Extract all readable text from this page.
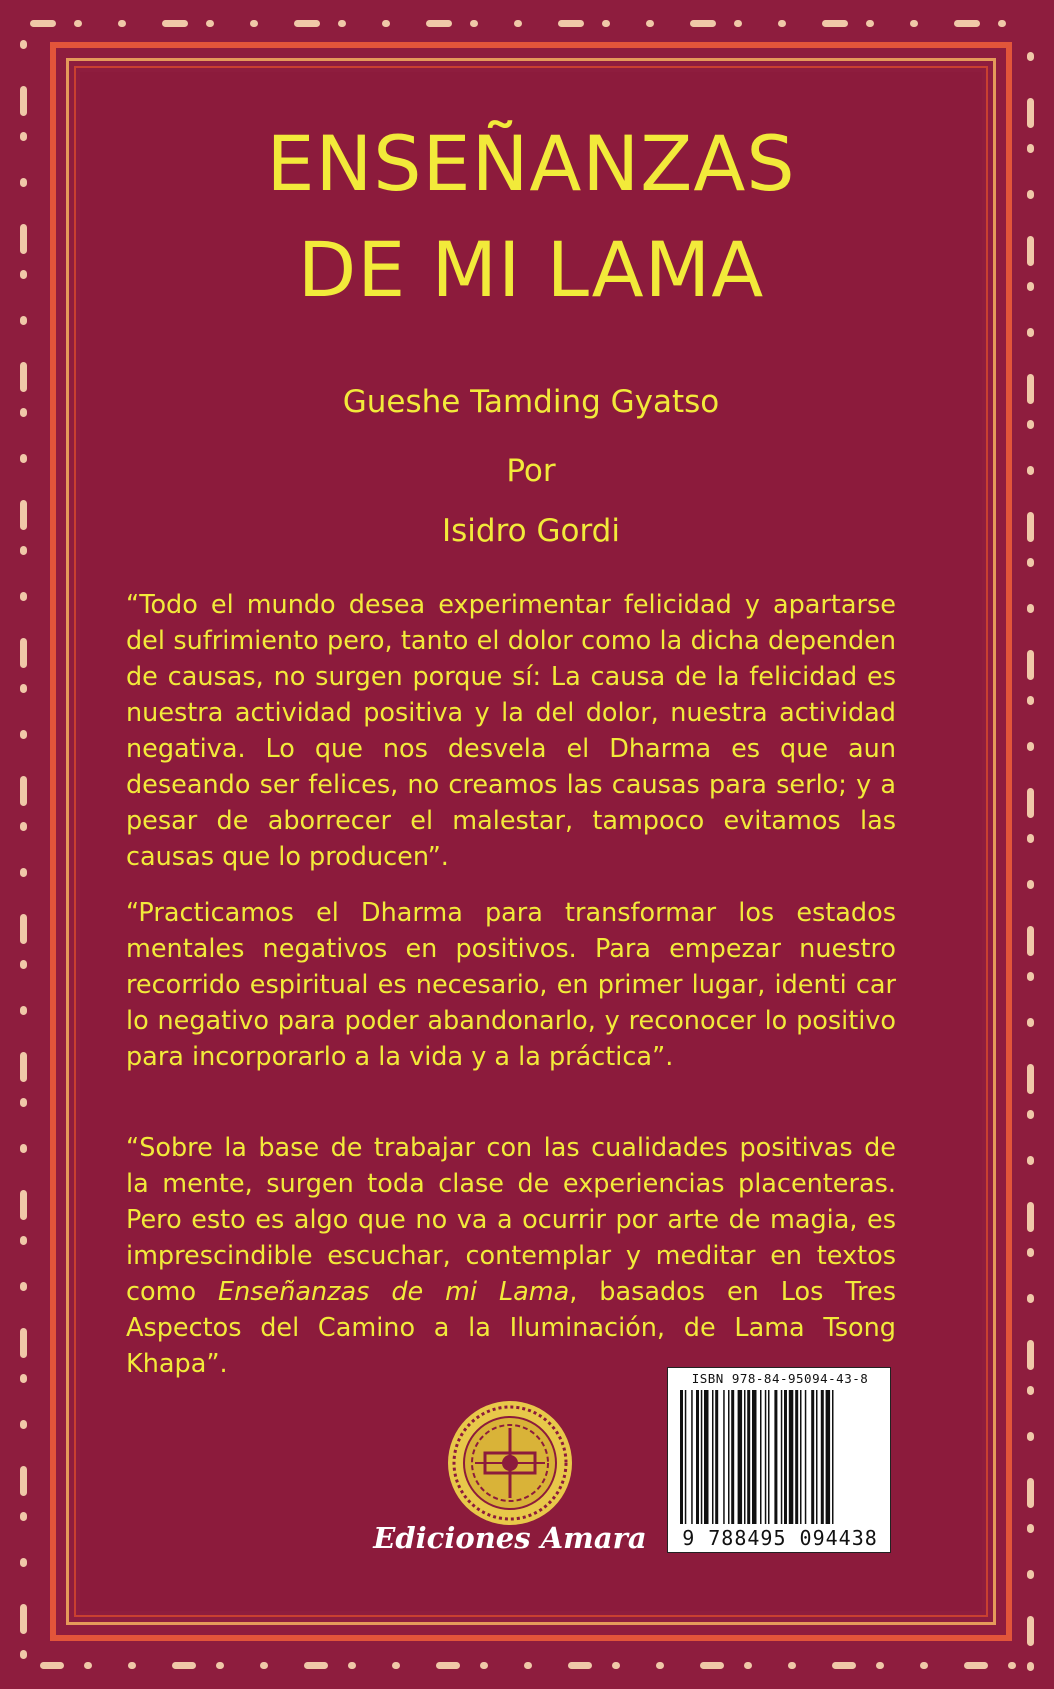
ENSEÑANZAS
DE MI LAMA
Gueshe Tamding Gyatso
Por
Isidro Gordi
“Todo el mundo desea experimentar felicidad y apartarse del sufrimiento pero, tanto el dolor como la dicha dependen de causas, no surgen porque sí: La causa de la felicidad es nuestra actividad positiva y la del dolor, nuestra actividad negativa. Lo que nos desvela el Dharma es que aun deseando ser felices, no creamos las causas para serlo; y a pesar de aborrecer el malestar, tampoco evitamos las causas que lo producen”.
“Practicamos el Dharma para transformar los estados mentales negativos en positivos. Para empezar nuestro recorrido espiritual es necesario, en primer lugar, identi car lo negativo para poder abandonarlo, y reconocer lo positivo para incorporarlo a la vida y a la práctica”.
“Sobre la base de trabajar con las cualidades positivas de la mente, surgen toda clase de experiencias placenteras. Pero esto es algo que no va a ocurrir por arte de magia, es imprescindible escuchar, contemplar y meditar en textos como Enseñanzas de mi Lama, basados en Los Tres Aspectos del Camino a la Iluminación, de Lama Tsong Khapa”.
Ediciones Amara
ISBN 978-84-95094-43-8
9 788495 094438
